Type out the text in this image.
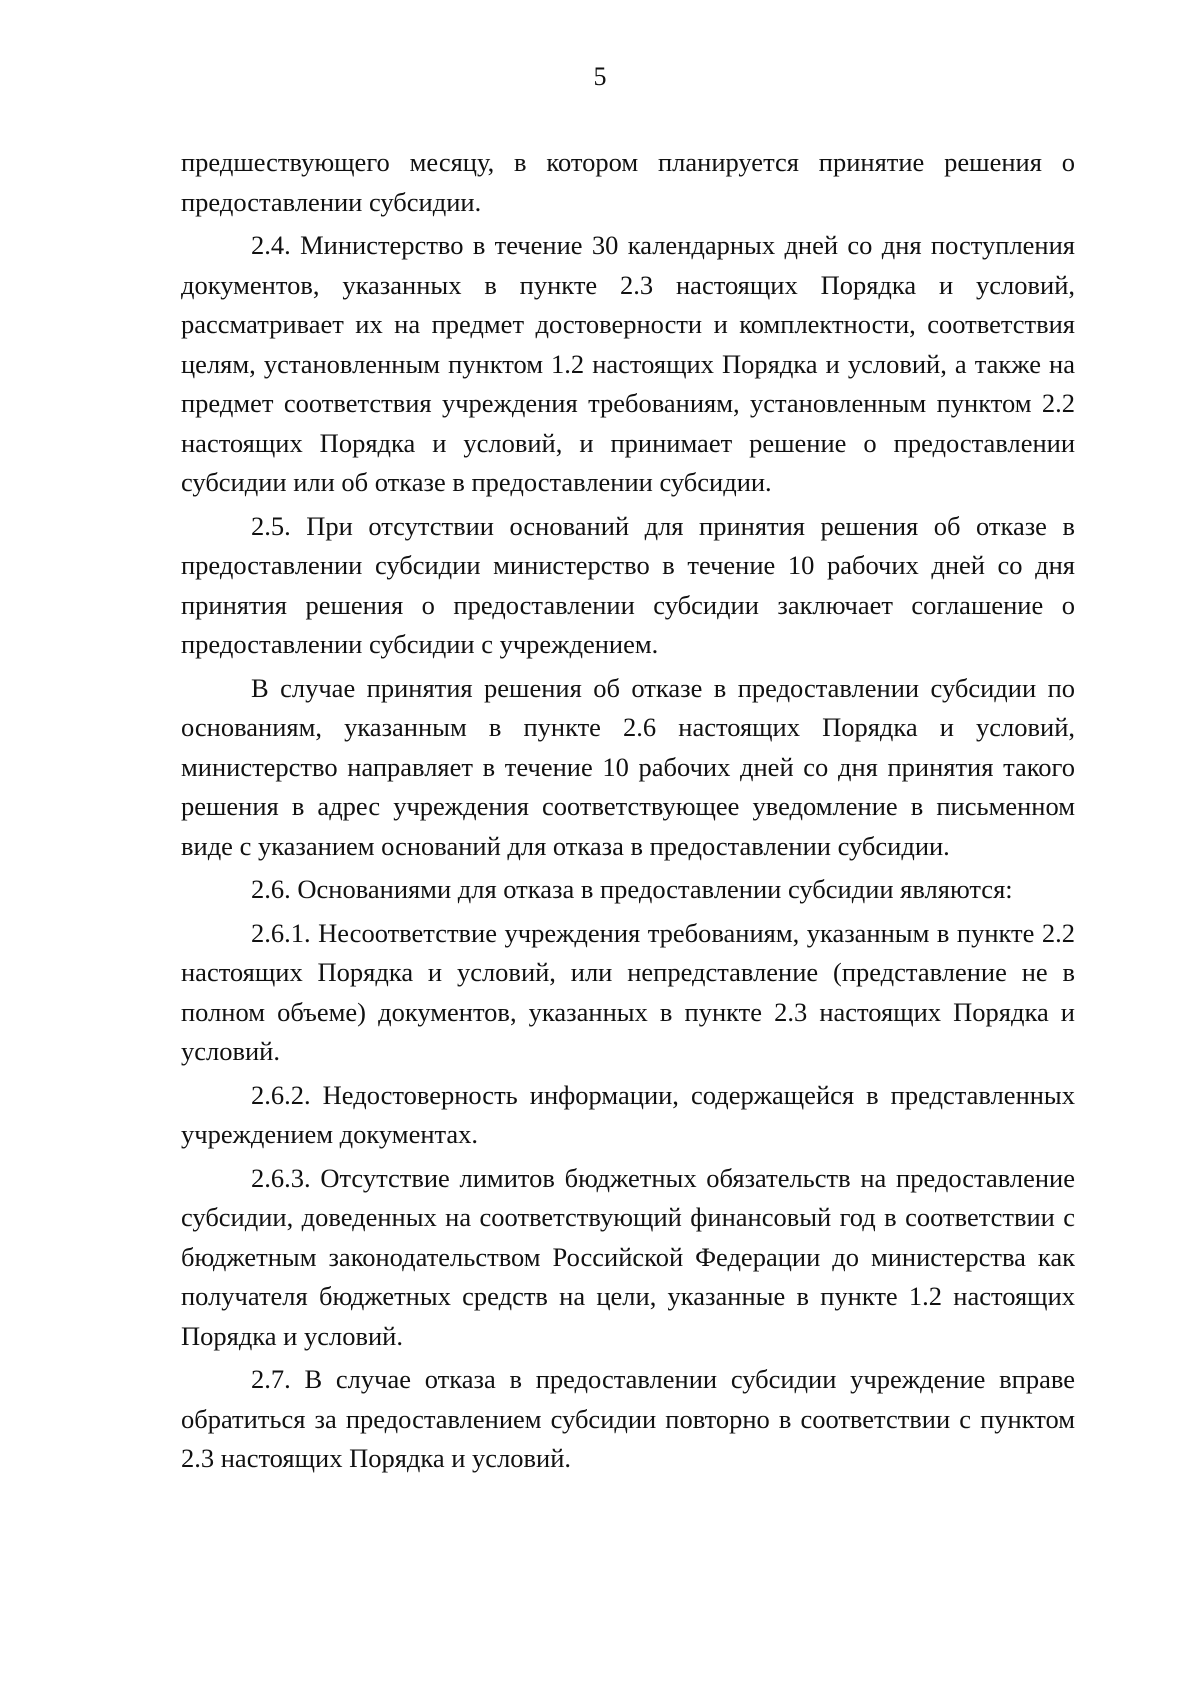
5

предшествующего месяцу, в котором планируется принятие решения о предоставлении субсидии.

2.4. Министерство в течение 30 календарных дней со дня поступления документов, указанных в пункте 2.3 настоящих Порядка и условий, рассматривает их на предмет достоверности и комплектности, соответствия целям, установленным пунктом 1.2 настоящих Порядка и условий, а также на предмет соответствия учреждения требованиям, установленным пунктом 2.2 настоящих Порядка и условий, и принимает решение о предоставлении субсидии или об отказе в предоставлении субсидии.

2.5. При отсутствии оснований для принятия решения об отказе в предоставлении субсидии министерство в течение 10 рабочих дней со дня принятия решения о предоставлении субсидии заключает соглашение о предоставлении субсидии с учреждением.

В случае принятия решения об отказе в предоставлении субсидии по основаниям, указанным в пункте 2.6 настоящих Порядка и условий, министерство направляет в течение 10 рабочих дней со дня принятия такого решения в адрес учреждения соответствующее уведомление в письменном виде с указанием оснований для отказа в предоставлении субсидии.

2.6. Основаниями для отказа в предоставлении субсидии являются:

2.6.1. Несоответствие учреждения требованиям, указанным в пункте 2.2 настоящих Порядка и условий, или непредставление (представление не в полном объеме) документов, указанных в пункте 2.3 настоящих Порядка и условий.

2.6.2. Недостоверность информации, содержащейся в представленных учреждением документах.

2.6.3. Отсутствие лимитов бюджетных обязательств на предоставление субсидии, доведенных на соответствующий финансовый год в соответствии с бюджетным законодательством Российской Федерации до министерства как получателя бюджетных средств на цели, указанные в пункте 1.2 настоящих Порядка и условий.

2.7. В случае отказа в предоставлении субсидии учреждение вправе обратиться за предоставлением субсидии повторно в соответствии с пунктом 2.3 настоящих Порядка и условий.
